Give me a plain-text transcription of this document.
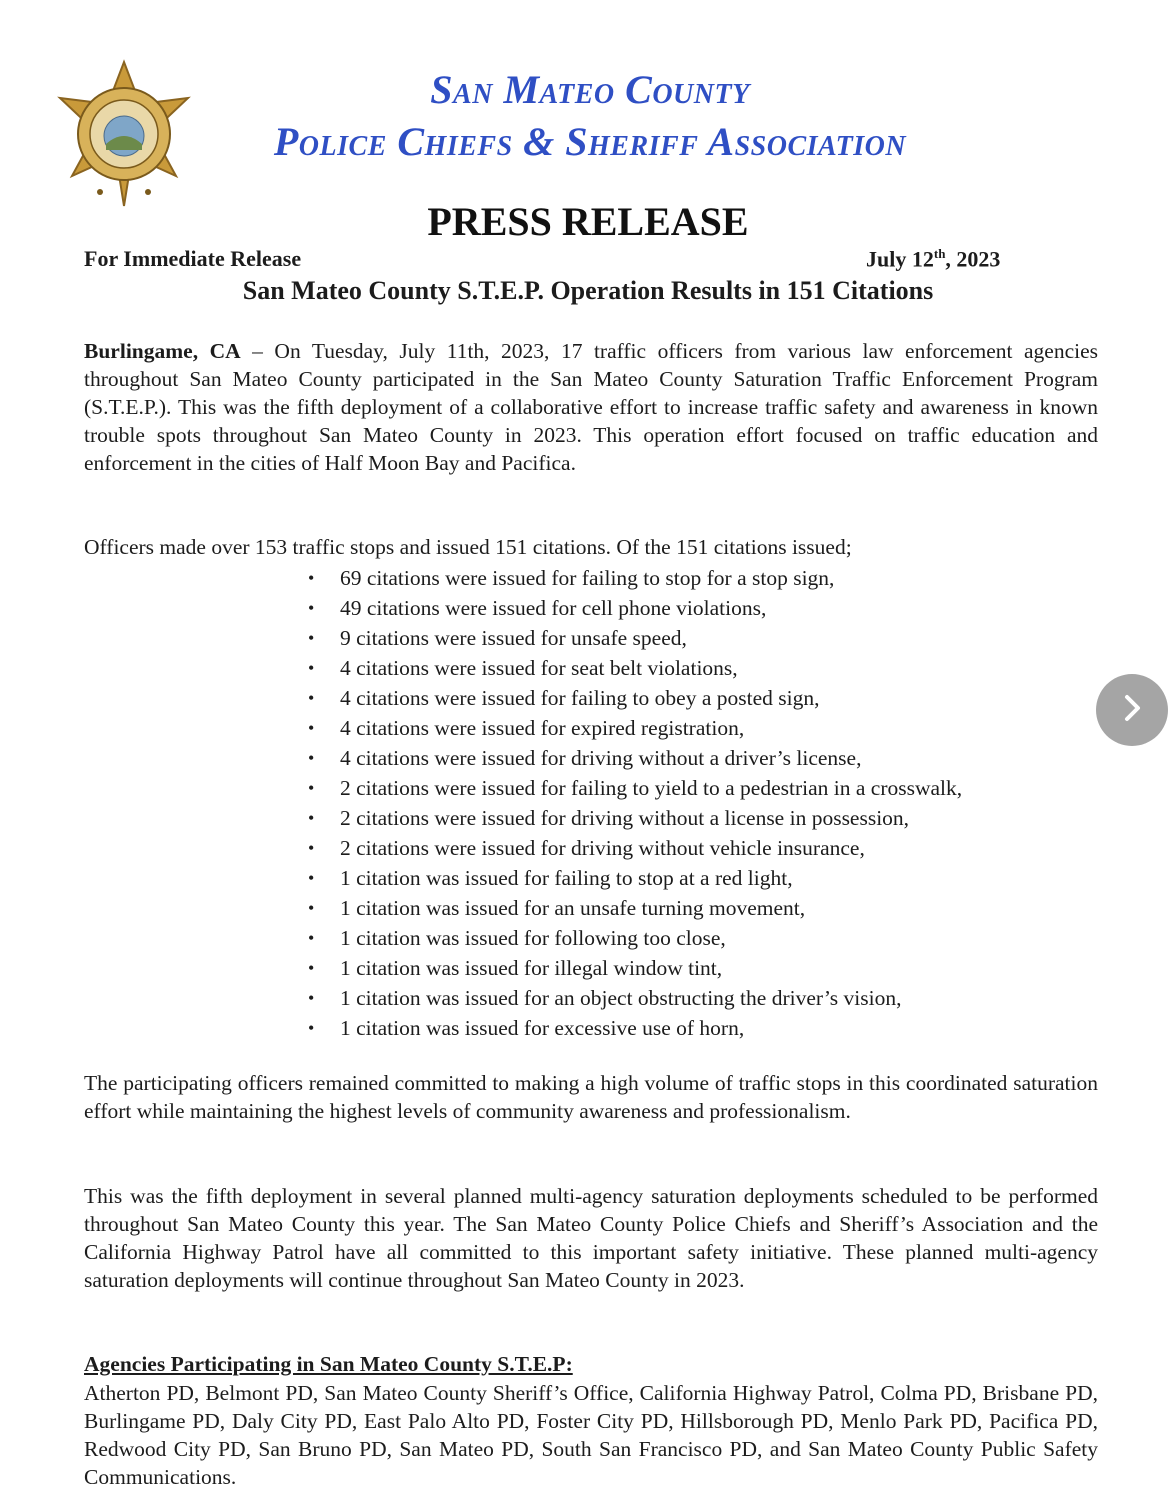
San Mateo County
Police Chiefs & Sheriff Association
PRESS RELEASE
For Immediate Release	July 12th, 2023
San Mateo County S.T.E.P. Operation Results in 151 Citations
Burlingame, CA – On Tuesday, July 11th, 2023, 17 traffic officers from various law enforcement agencies throughout San Mateo County participated in the San Mateo County Saturation Traffic Enforcement Program (S.T.E.P.). This was the fifth deployment of a collaborative effort to increase traffic safety and awareness in known trouble spots throughout San Mateo County in 2023. This operation effort focused on traffic education and enforcement in the cities of Half Moon Bay and Pacifica.
Officers made over 153 traffic stops and issued 151 citations. Of the 151 citations issued;
• 69 citations were issued for failing to stop for a stop sign,
• 49 citations were issued for cell phone violations,
• 9 citations were issued for unsafe speed,
• 4 citations were issued for seat belt violations,
• 4 citations were issued for failing to obey a posted sign,
• 4 citations were issued for expired registration,
• 4 citations were issued for driving without a driver’s license,
• 2 citations were issued for failing to yield to a pedestrian in a crosswalk,
• 2 citations were issued for driving without a license in possession,
• 2 citations were issued for driving without vehicle insurance,
• 1 citation was issued for failing to stop at a red light,
• 1 citation was issued for an unsafe turning movement,
• 1 citation was issued for following too close,
• 1 citation was issued for illegal window tint,
• 1 citation was issued for an object obstructing the driver’s vision,
• 1 citation was issued for excessive use of horn,
The participating officers remained committed to making a high volume of traffic stops in this coordinated saturation effort while maintaining the highest levels of community awareness and professionalism.
This was the fifth deployment in several planned multi-agency saturation deployments scheduled to be performed throughout San Mateo County this year. The San Mateo County Police Chiefs and Sheriff’s Association and the California Highway Patrol have all committed to this important safety initiative. These planned multi-agency saturation deployments will continue throughout San Mateo County in 2023.
Agencies Participating in San Mateo County S.T.E.P:
Atherton PD, Belmont PD, San Mateo County Sheriff’s Office, California Highway Patrol, Colma PD, Brisbane PD, Burlingame PD, Daly City PD, East Palo Alto PD, Foster City PD, Hillsborough PD, Menlo Park PD, Pacifica PD, Redwood City PD, San Bruno PD, San Mateo PD, South San Francisco PD, and San Mateo County Public Safety Communications.
